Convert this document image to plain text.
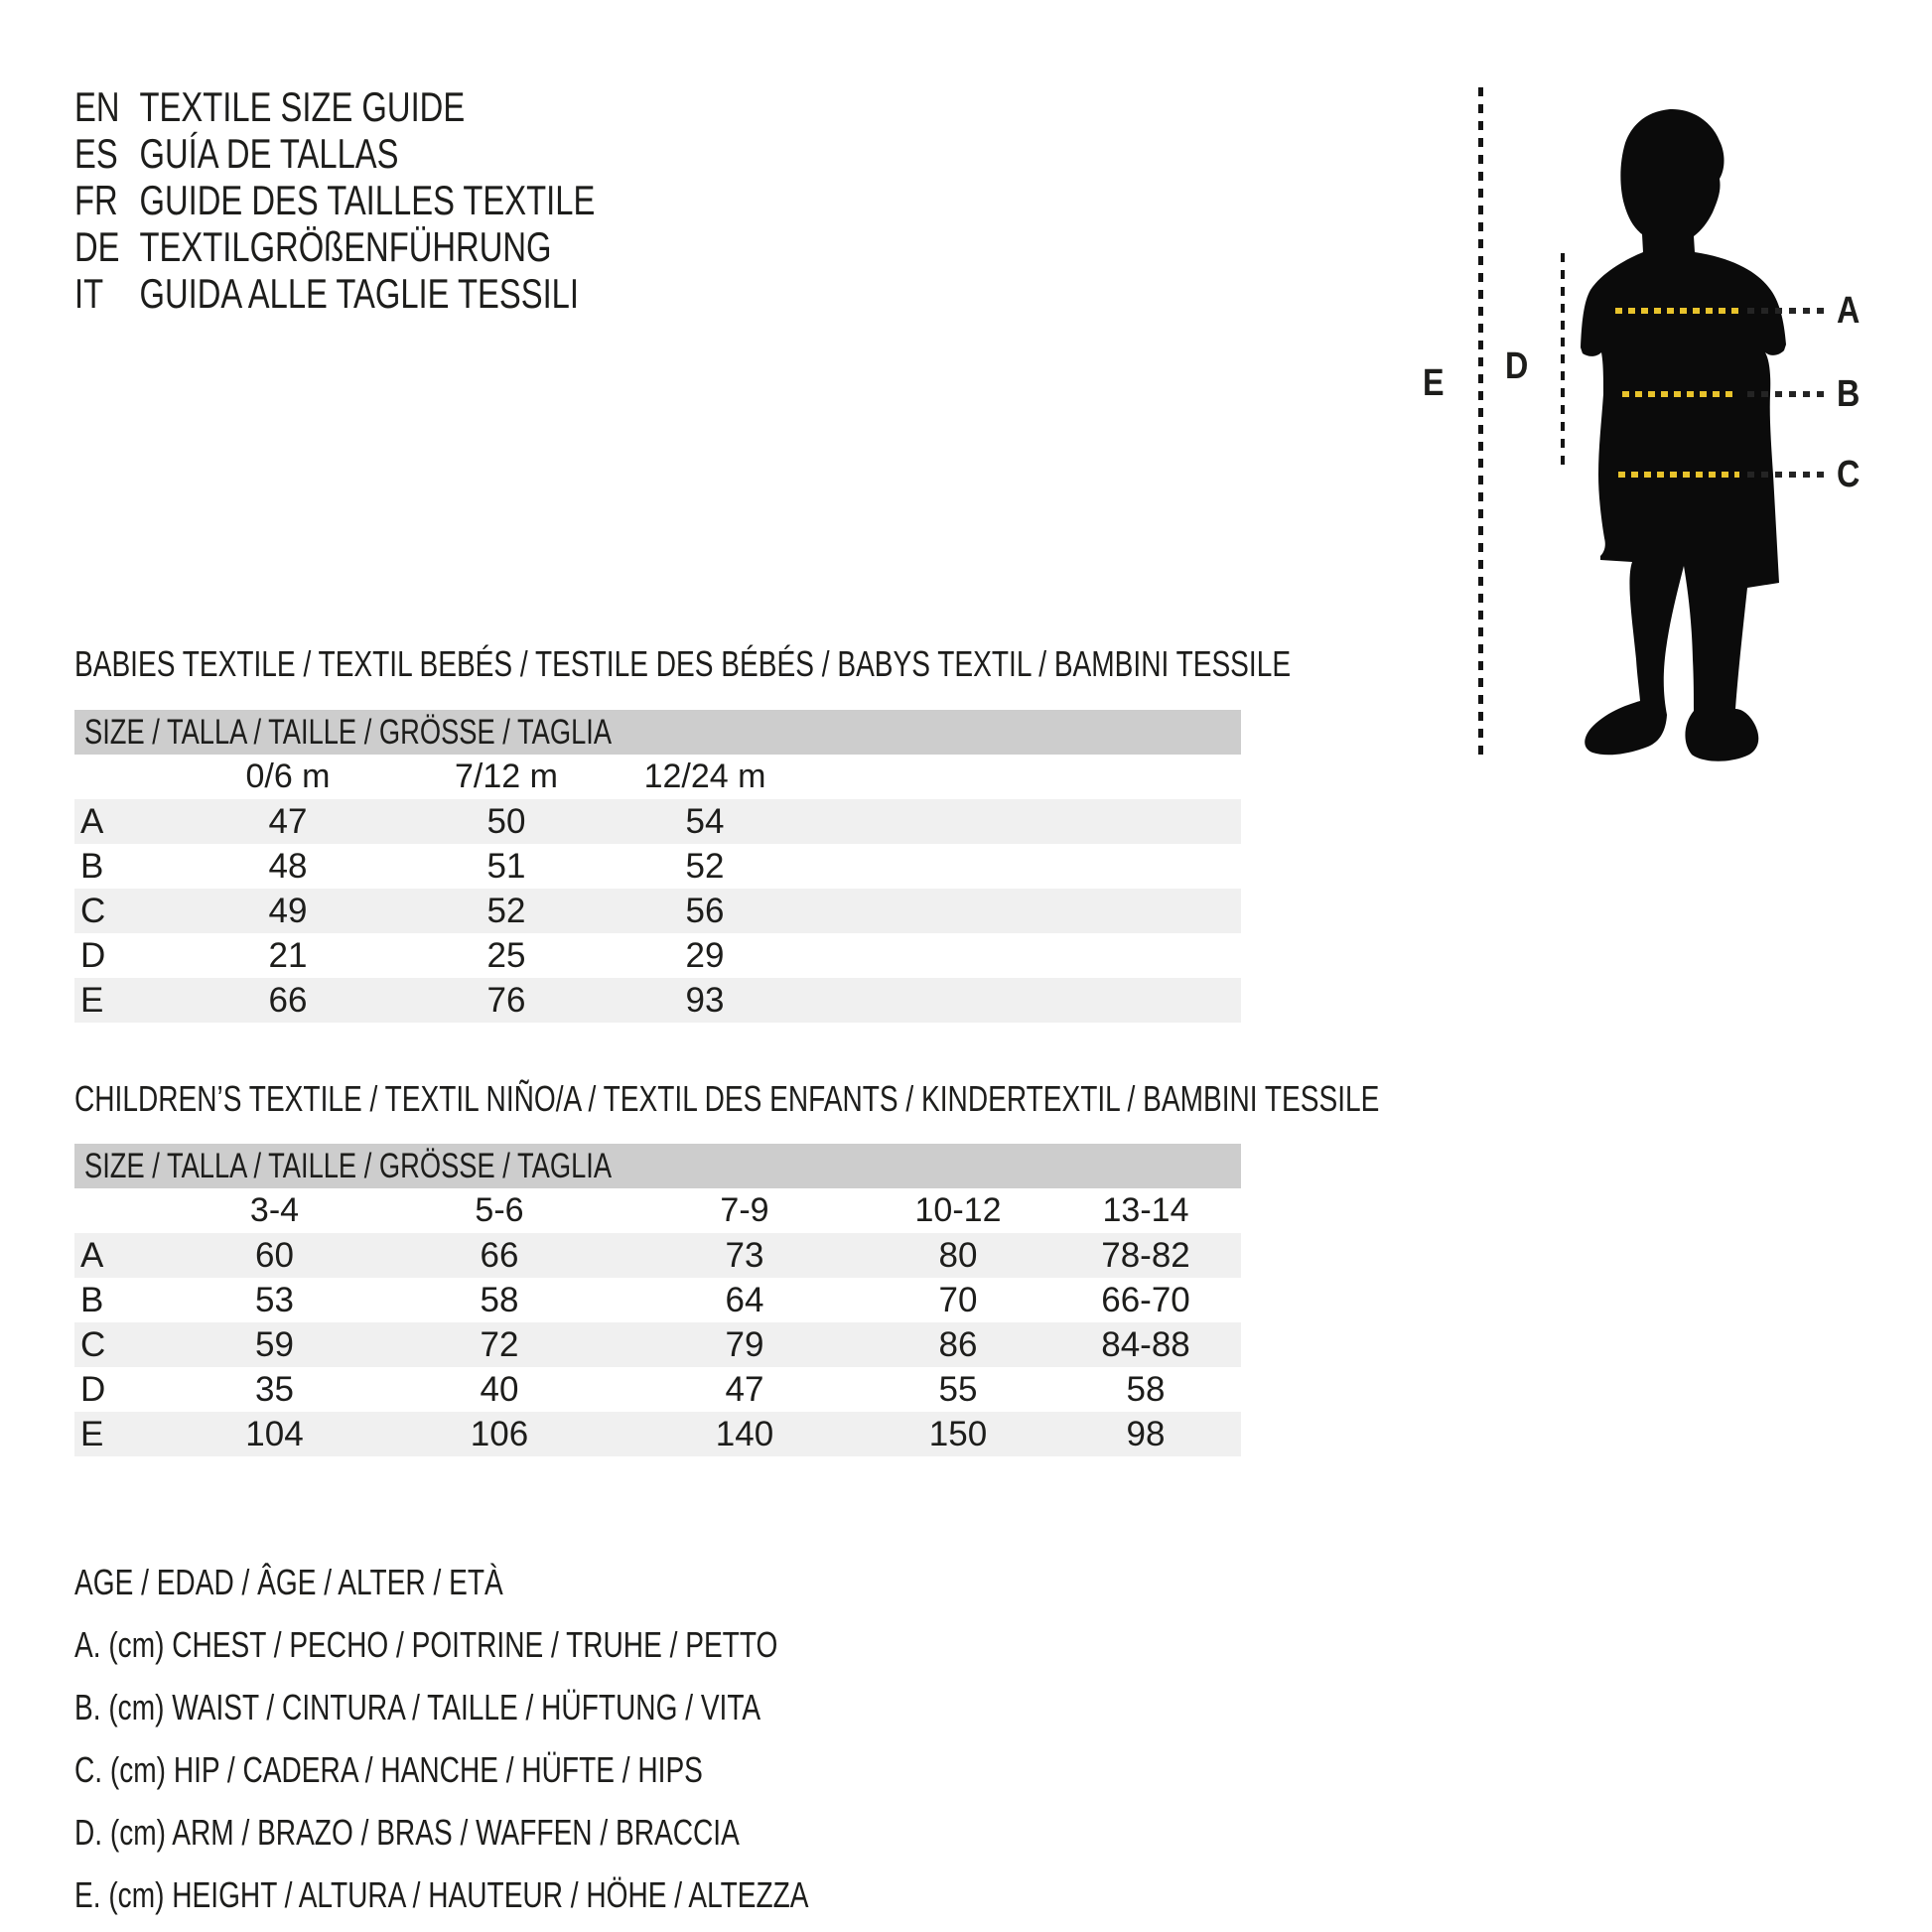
EN TEXTILE SIZE GUIDE
ES GUÍA DE TALLAS
FR GUIDE DES TAILLES TEXTILE
DE TEXTILGRÖßENFÜHRUNG
IT GUIDA ALLE TAGLIE TESSILI	A
B
C
D
E
BABIES TEXTILE / TEXTIL BEBÉS / TESTILE DES BÉBÉS / BABYS TEXTIL / BAMBINI TESSILE
SIZE / TALLA / TAILLE / GRÖSSE / TAGLIA
	0/6 m	7/12 m	12/24 m	
A	47	50	54	
B	48	51	52	
C	49	52	56	
D	21	25	29	
E	66	76	93	
CHILDREN’S TEXTILE / TEXTIL NIÑO/A / TEXTIL DES ENFANTS / KINDERTEXTIL / BAMBINI TESSILE
SIZE / TALLA / TAILLE / GRÖSSE / TAGLIA
	3-4	5-6	7-9	10-12	13-14
A	60	66	73	80	78-82
B	53	58	64	70	66-70
C	59	72	79	86	84-88
D	35	40	47	55	58
E	104	106	140	150	98
AGE / EDAD / ÂGE / ALTER / ETÀ
A. (cm) CHEST / PECHO / POITRINE / TRUHE / PETTO
B. (cm) WAIST / CINTURA / TAILLE / HÜFTUNG / VITA
C. (cm) HIP / CADERA / HANCHE / HÜFTE / HIPS
D. (cm) ARM / BRAZO / BRAS / WAFFEN / BRACCIA
E. (cm) HEIGHT / ALTURA / HAUTEUR / HÖHE / ALTEZZA
